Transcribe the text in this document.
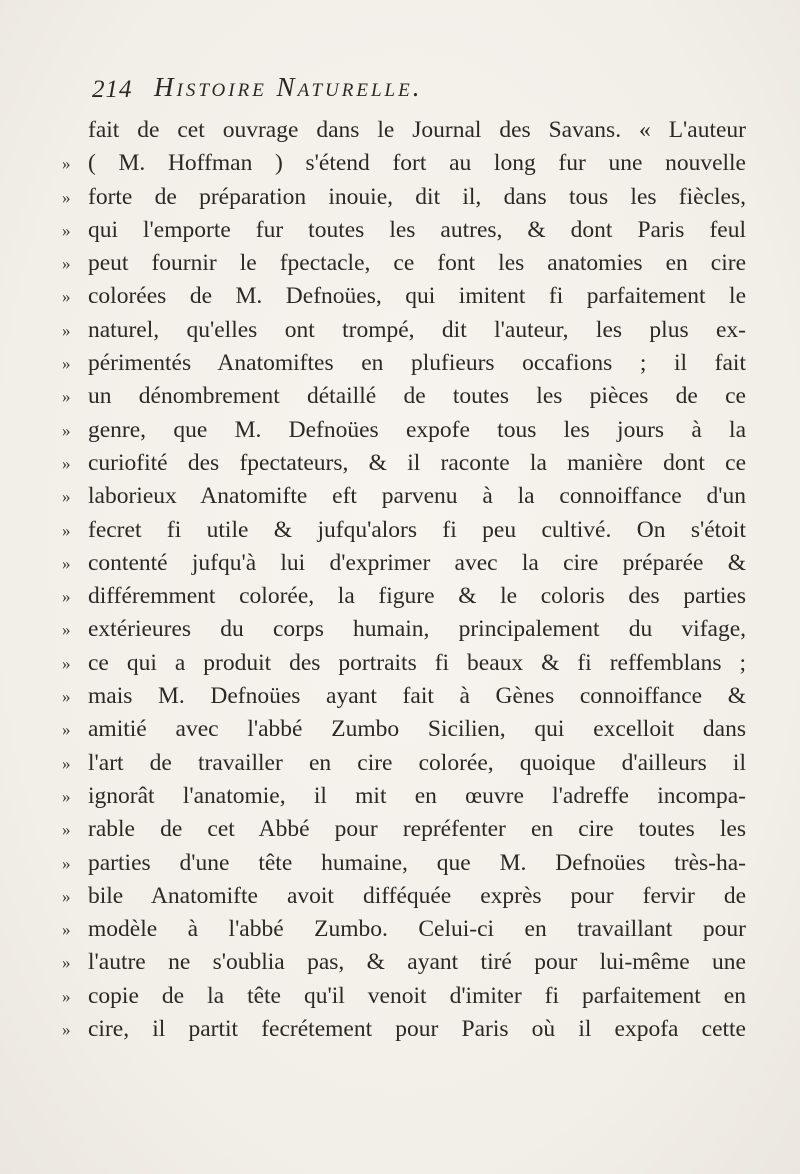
214 Histoire Naturelle.
fait de cet ouvrage dans le Journal des Savans. « L'auteur
» ( M. Hoffman ) s'étend fort au long fur une nouvelle
» forte de préparation inouie, dit il, dans tous les fiècles,
» qui l'emporte fur toutes les autres, & dont Paris feul
» peut fournir le fpectacle, ce font les anatomies en cire
» colorées de M. Defnoües, qui imitent fi parfaitement le
» naturel, qu'elles ont trompé, dit l'auteur, les plus ex-
» périmentés Anatomiftes en plufieurs occafions ; il fait
» un dénombrement détaillé de toutes les pièces de ce
» genre, que M. Defnoües expofe tous les jours à la
» curiofité des fpectateurs, & il raconte la manière dont ce
» laborieux Anatomifte eft parvenu à la connoiffance d'un
» fecret fi utile & jufqu'alors fi peu cultivé. On s'étoit
» contenté jufqu'à lui d'exprimer avec la cire préparée &
» différemment colorée, la figure & le coloris des parties
» extérieures du corps humain, principalement du vifage,
» ce qui a produit des portraits fi beaux & fi reffemblans ;
» mais M. Defnoües ayant fait à Gènes connoiffance &
» amitié avec l'abbé Zumbo Sicilien, qui excelloit dans
» l'art de travailler en cire colorée, quoique d'ailleurs il
» ignorât l'anatomie, il mit en œuvre l'adreffe incompa-
» rable de cet Abbé pour repréfenter en cire toutes les
» parties d'une tête humaine, que M. Defnoües très-ha-
» bile Anatomifte avoit difféquée exprès pour fervir de
» modèle à l'abbé Zumbo. Celui-ci en travaillant pour
» l'autre ne s'oublia pas, & ayant tiré pour lui-même une
» copie de la tête qu'il venoit d'imiter fi parfaitement en
» cire, il partit fecrétement pour Paris où il expofa cette
